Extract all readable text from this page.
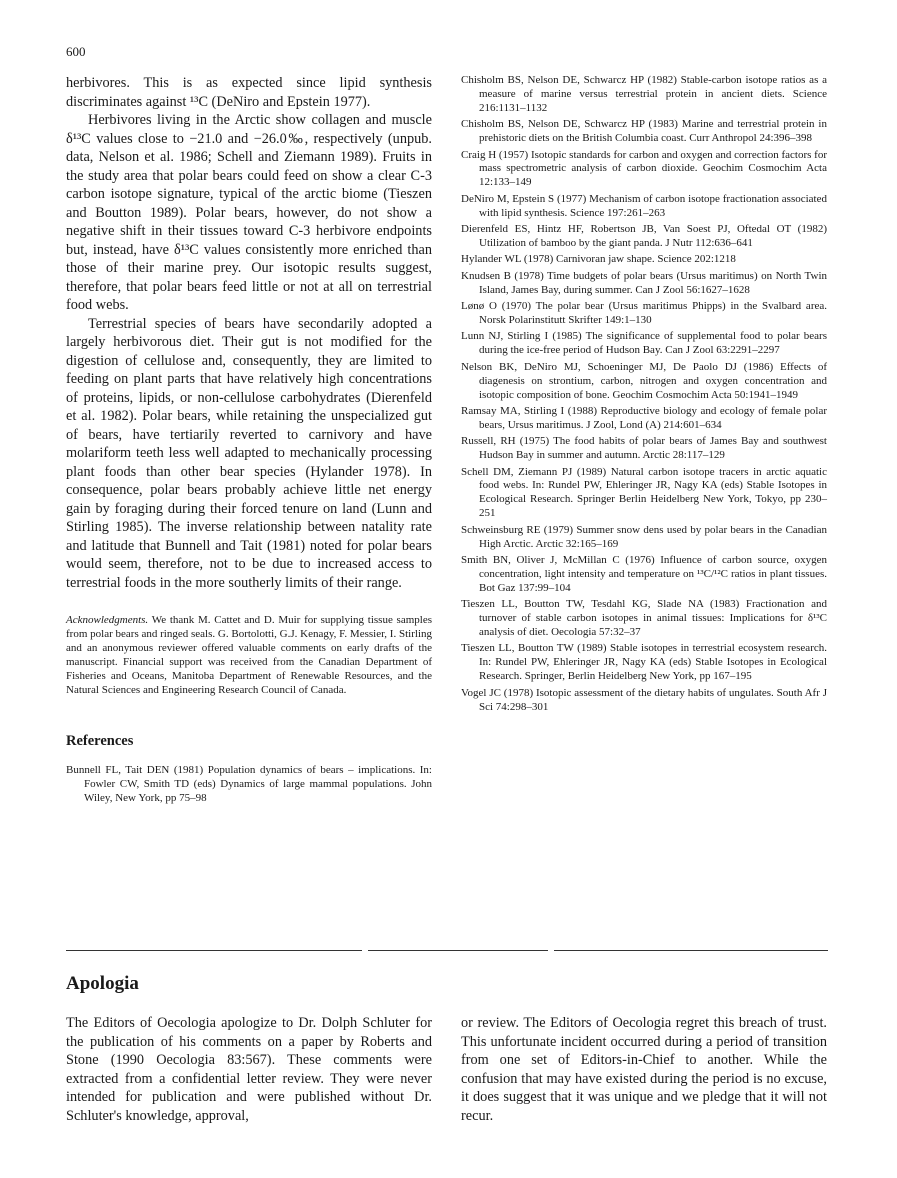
600

herbivores. This is as expected since lipid synthesis discriminates against ¹³C (DeNiro and Epstein 1977).

Herbivores living in the Arctic show collagen and muscle δ¹³C values close to −21.0 and −26.0‰, respectively (unpub. data, Nelson et al. 1986; Schell and Ziemann 1989). Fruits in the study area that polar bears could feed on show a clear C-3 carbon isotope signature, typical of the arctic biome (Tieszen and Boutton 1989). Polar bears, however, do not show a negative shift in their tissues toward C-3 herbivore endpoints but, instead, have δ¹³C values consistently more enriched than those of their marine prey. Our isotopic results suggest, therefore, that polar bears feed little or not at all on terrestrial food webs.

Terrestrial species of bears have secondarily adopted a largely herbivorous diet. Their gut is not modified for the digestion of cellulose and, consequently, they are limited to feeding on plant parts that have relatively high concentrations of proteins, lipids, or non-cellulose carbohydrates (Dierenfeld et al. 1982). Polar bears, while retaining the unspecialized gut of bears, have tertiarily reverted to carnivory and have molariform teeth less well adapted to mechanically processing plant foods than other bear species (Hylander 1978). In consequence, polar bears probably achieve little net energy gain by foraging during their forced tenure on land (Lunn and Stirling 1985). The inverse relationship between natality rate and latitude that Bunnell and Tait (1981) noted for polar bears would seem, therefore, not to be due to increased access to terrestrial foods in the more southerly limits of their range.

Acknowledgments. We thank M. Cattet and D. Muir for supplying tissue samples from polar bears and ringed seals. G. Bortolotti, G.J. Kenagy, F. Messier, I. Stirling and an anonymous reviewer offered valuable comments on early drafts of the manuscript. Financial support was received from the Canadian Department of Fisheries and Oceans, Manitoba Department of Renewable Resources, and the Natural Sciences and Engineering Research Council of Canada.

References

Bunnell FL, Tait DEN (1981) Population dynamics of bears – implications. In: Fowler CW, Smith TD (eds) Dynamics of large mammal populations. John Wiley, New York, pp 75–98

Chisholm BS, Nelson DE, Schwarcz HP (1982) Stable-carbon isotope ratios as a measure of marine versus terrestrial protein in ancient diets. Science 216:1131–1132

Chisholm BS, Nelson DE, Schwarcz HP (1983) Marine and terrestrial protein in prehistoric diets on the British Columbia coast. Curr Anthropol 24:396–398

Craig H (1957) Isotopic standards for carbon and oxygen and correction factors for mass spectrometric analysis of carbon dioxide. Geochim Cosmochim Acta 12:133–149

DeNiro M, Epstein S (1977) Mechanism of carbon isotope fractionation associated with lipid synthesis. Science 197:261–263

Dierenfeld ES, Hintz HF, Robertson JB, Van Soest PJ, Oftedal OT (1982) Utilization of bamboo by the giant panda. J Nutr 112:636–641

Hylander WL (1978) Carnivoran jaw shape. Science 202:1218

Knudsen B (1978) Time budgets of polar bears (Ursus maritimus) on North Twin Island, James Bay, during summer. Can J Zool 56:1627–1628

Lønø O (1970) The polar bear (Ursus maritimus Phipps) in the Svalbard area. Norsk Polarinstitutt Skrifter 149:1–130

Lunn NJ, Stirling I (1985) The significance of supplemental food to polar bears during the ice-free period of Hudson Bay. Can J Zool 63:2291–2297

Nelson BK, DeNiro MJ, Schoeninger MJ, De Paolo DJ (1986) Effects of diagenesis on strontium, carbon, nitrogen and oxygen concentration and isotopic composition of bone. Geochim Cosmochim Acta 50:1941–1949

Ramsay MA, Stirling I (1988) Reproductive biology and ecology of female polar bears, Ursus maritimus. J Zool, Lond (A) 214:601–634

Russell, RH (1975) The food habits of polar bears of James Bay and southwest Hudson Bay in summer and autumn. Arctic 28:117–129

Schell DM, Ziemann PJ (1989) Natural carbon isotope tracers in arctic aquatic food webs. In: Rundel PW, Ehleringer JR, Nagy KA (eds) Stable Isotopes in Ecological Research. Springer Berlin Heidelberg New York, Tokyo, pp 230–251

Schweinsburg RE (1979) Summer snow dens used by polar bears in the Canadian High Arctic. Arctic 32:165–169

Smith BN, Oliver J, McMillan C (1976) Influence of carbon source, oxygen concentration, light intensity and temperature on ¹³C/¹²C ratios in plant tissues. Bot Gaz 137:99–104

Tieszen LL, Boutton TW, Tesdahl KG, Slade NA (1983) Fractionation and turnover of stable carbon isotopes in animal tissues: Implications for δ¹³C analysis of diet. Oecologia 57:32–37

Tieszen LL, Boutton TW (1989) Stable isotopes in terrestrial ecosystem research. In: Rundel PW, Ehleringer JR, Nagy KA (eds) Stable Isotopes in Ecological Research. Springer, Berlin Heidelberg New York, pp 167–195

Vogel JC (1978) Isotopic assessment of the dietary habits of ungulates. South Afr J Sci 74:298–301

Apologia

The Editors of Oecologia apologize to Dr. Dolph Schluter for the publication of his comments on a paper by Roberts and Stone (1990 Oecologia 83:567). These comments were extracted from a confidential letter review. They were never intended for publication and were published without Dr. Schluter's knowledge, approval,

or review. The Editors of Oecologia regret this breach of trust. This unfortunate incident occurred during a period of transition from one set of Editors-in-Chief to another. While the confusion that may have existed during the period is no excuse, it does suggest that it was unique and we pledge that it will not recur.
